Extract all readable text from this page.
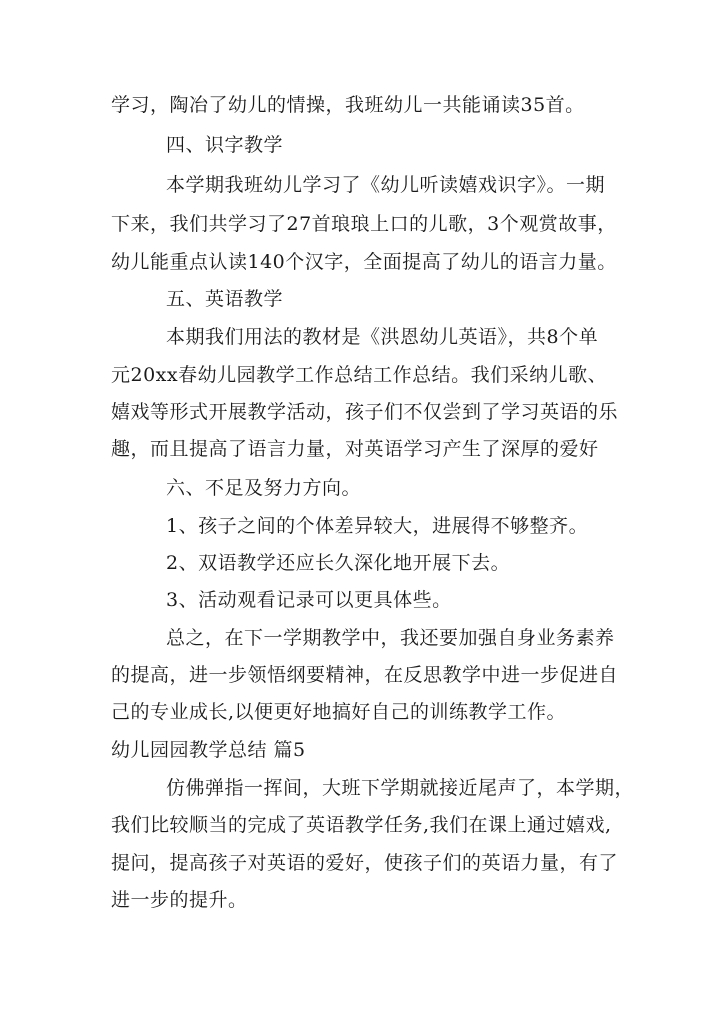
学习，陶冶了幼儿的情操，我班幼儿一共能诵读35首。
四、识字教学
本学期我班幼儿学习了《幼儿听读嬉戏识字》。一期
下来，我们共学习了27首琅琅上口的儿歌，3个观赏故事，
幼儿能重点认读140个汉字，全面提高了幼儿的语言力量。
五、英语教学
本期我们用法的教材是《洪恩幼儿英语》，共8个单
元20xx春幼儿园教学工作总结工作总结。我们采纳儿歌、
嬉戏等形式开展教学活动，孩子们不仅尝到了学习英语的乐
趣，而且提高了语言力量，对英语学习产生了深厚的爱好
六、不足及努力方向。
1、孩子之间的个体差异较大，进展得不够整齐。
2、双语教学还应长久深化地开展下去。
3、活动观看记录可以更具体些。
总之，在下一学期教学中，我还要加强自身业务素养
的提高，进一步领悟纲要精神，在反思教学中进一步促进自
己的专业成长,以便更好地搞好自己的训练教学工作。
幼儿园园教学总结 篇5
仿佛弹指一挥间，大班下学期就接近尾声了，本学期，
我们比较顺当的完成了英语教学任务,我们在课上通过嬉戏,
提问，提高孩子对英语的爱好，使孩子们的英语力量，有了
进一步的提升。
